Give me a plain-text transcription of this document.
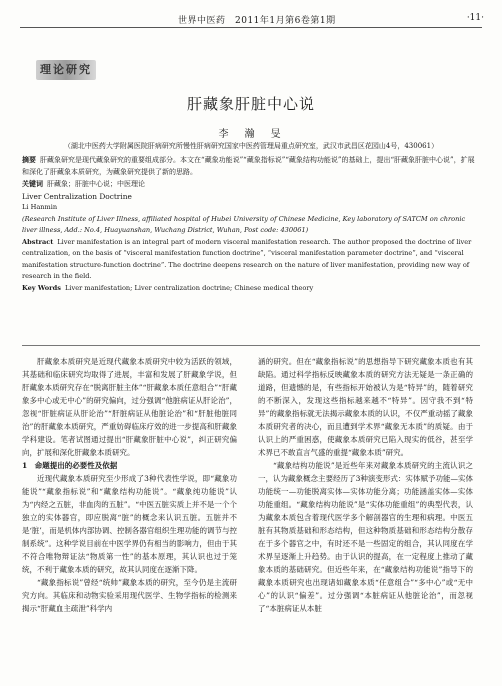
世界中医药　2011年1月第6卷第1期	·11·
理论研究
肝藏象肝脏中心说
李　瀚　旻
（湖北中医药大学附属医院肝病研究所慢性肝病研究国家中医药管理局重点研究室，武汉市武昌区花园山4号，430061）

摘要 肝藏象研究是现代藏象研究的重要组成部分。本文在“藏象功能说”“藏象指标说”“藏象结构功能说”的基础上，提出“肝藏象肝脏中心说”，扩展和深化了肝藏象本质研究，为藏象研究提供了新的思路。

关键词 肝藏象；肝脏中心说；中医理论

Liver Centralization Doctrine

Li Hanmin

(Research Institute of Liver Illness, affiliated hospital of Hubei University of Chinese Medicine, Key laboratory of SATCM on chronic liver illness, Add.: No.4, Huayuanshan, Wuchang District, Wuhan, Post code: 430061)

Abstract Liver manifestation is an integral part of modern visceral manifestation research. The author proposed the doctrine of liver centralization, on the basis of “visceral manifestation function doctrine”, “visceral manifestation parameter doctrine”, and “visceral manifestation structure-function doctrine”. The doctrine deepens research on the nature of liver manifestation, providing new way of research in the field.

Key Words Liver manifestation; Liver centralization doctrine; Chinese medical theory

肝藏象本质研究是近现代藏象本质研究中较为活跃的领域，其基础和临床研究均取得了进展，丰富和发展了肝藏象学说，但肝藏象本质研究存在“脱离肝脏主体”“肝藏象本质任意组合”“肝藏象多中心或无中心”的研究偏向，过分强调“他脏病证从肝论治”，忽视“肝脏病证从肝论治”“肝脏病证从他脏论治”和“肝脏他脏同治”的肝藏象本质研究，严重妨碍临床疗效的进一步提高和肝藏象学科建设。笔者试图通过提出“肝藏象肝脏中心说”，纠正研究偏向，扩展和深化肝藏象本质研究。

1　命题提出的必要性及依据

近现代藏象本质研究至少形成了3种代表性学说，即“藏象功能说”“藏象指标说”和“藏象结构功能说”。“藏象纯功能说”认为“内经之五脏，非血肉的五脏”。“中医五脏实质上并不是一个个独立的实体器官，即应脱离“脏”的概念来认识五脏。五脏并不是‘脏’，而是机体内部协调、控制各器官组织生理功能的调节与控制系统”。这种学说目前在中医学界仍有相当的影响力，但由于其不符合唯物辩证法“物质第一性”的基本原理，其认识也过于笼统，不利于藏象本质的研究，故其认同度在逐渐下降。

“藏象指标说”曾经“统帅”藏象本质的研究，至今仍是主流研究方向。其临床和动物实验采用现代医学、生物学指标的检测来揭示“肝藏血主疏泄”科学内

涵的研究。但在“藏象指标说”的思想指导下研究藏象本质也有其缺陷。通过科学指标反映藏象本质的研究方法无疑是一条正确的道路，但遗憾的是，有些指标开始被认为是“特异”的，随着研究的不断深入，发现这些指标越来越不“特异”。因守我不到“特异”的藏象指标就无法揭示藏象本质的认识，不仅严重动摇了藏象本质研究者的决心，而且遭到学术界“藏象无本质”的质疑。由于认识上的严重困惑，使藏象本质研究已陷入现实的低谷，甚至学术界已不敢直言气盛的重提“藏象本质”研究。

“藏象结构功能说”是近些年来对藏象本质研究的主流认识之一，认为藏象概念主要经历了3种演变形式：实体赋予功能—实体功能统一—功能脱离实体—实体功能分离；功能涵盖实体—实体功能重组。“藏象结构功能说”是“实体功能重组”的典型代表，认为藏象本质包含着现代医学多个解剖器官的生理和病理。中医五脏有其物质基础和形态结构，但这种物质基础和形态结构分散存在于多个器官之中，有时还不是一些固定的组合，其认同度在学术界呈逐渐上升趋势。由于认识的提高，在一定程度上推动了藏象本质的基础研究。但近些年来，在“藏象结构功能说”指导下的藏象本质研究也出现诸如藏象本质“任意组合”“多中心”或“无中心”的认识“偏差”。过分强调“本脏病证从他脏论治”，而忽视了“本脏病证从本脏
